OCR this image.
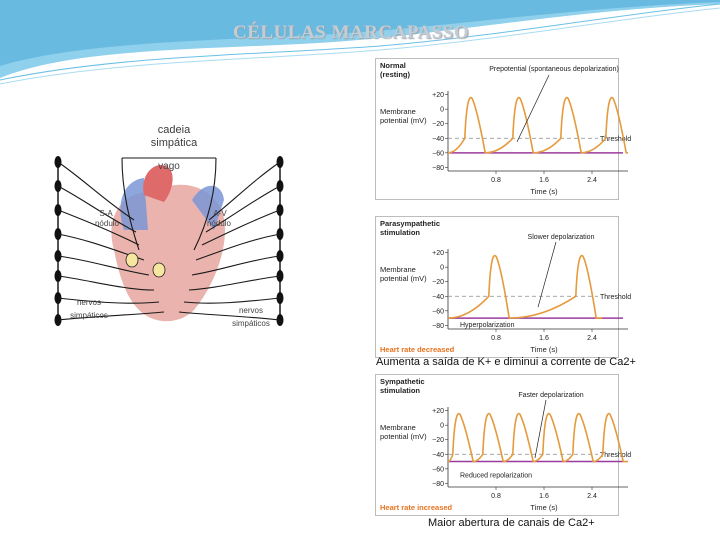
CÉLULAS MARCAPASSO
cadeia simpática
vago
S-A
nódulo
A-V
nódulo
nervos simpáticos
nervos simpáticos
Normal (resting)
Membrane potential (mV)
+20
0
−20
−40
−60
−80
0.8	1.6	2.4
Time (s)
Threshold
Prepotential (spontaneous depolarization)
Parasympathetic stimulation
Membrane potential (mV)
+20
0
−20
−40
−60
−80
0.8	1.6	2.4
Time (s)
Threshold
Slower depolarization
Hyperpolarization
Heart rate decreased
Aumenta a saída de K+ e diminui a corrente de Ca2+
Sympathetic stimulation
Membrane potential (mV)
+20
0
−20
−40
−60
−80
0.8	1.6	2.4
Time (s)
Threshold
Faster depolarization
Reduced repolarization
Heart rate increased
Maior abertura de canais de Ca2+
